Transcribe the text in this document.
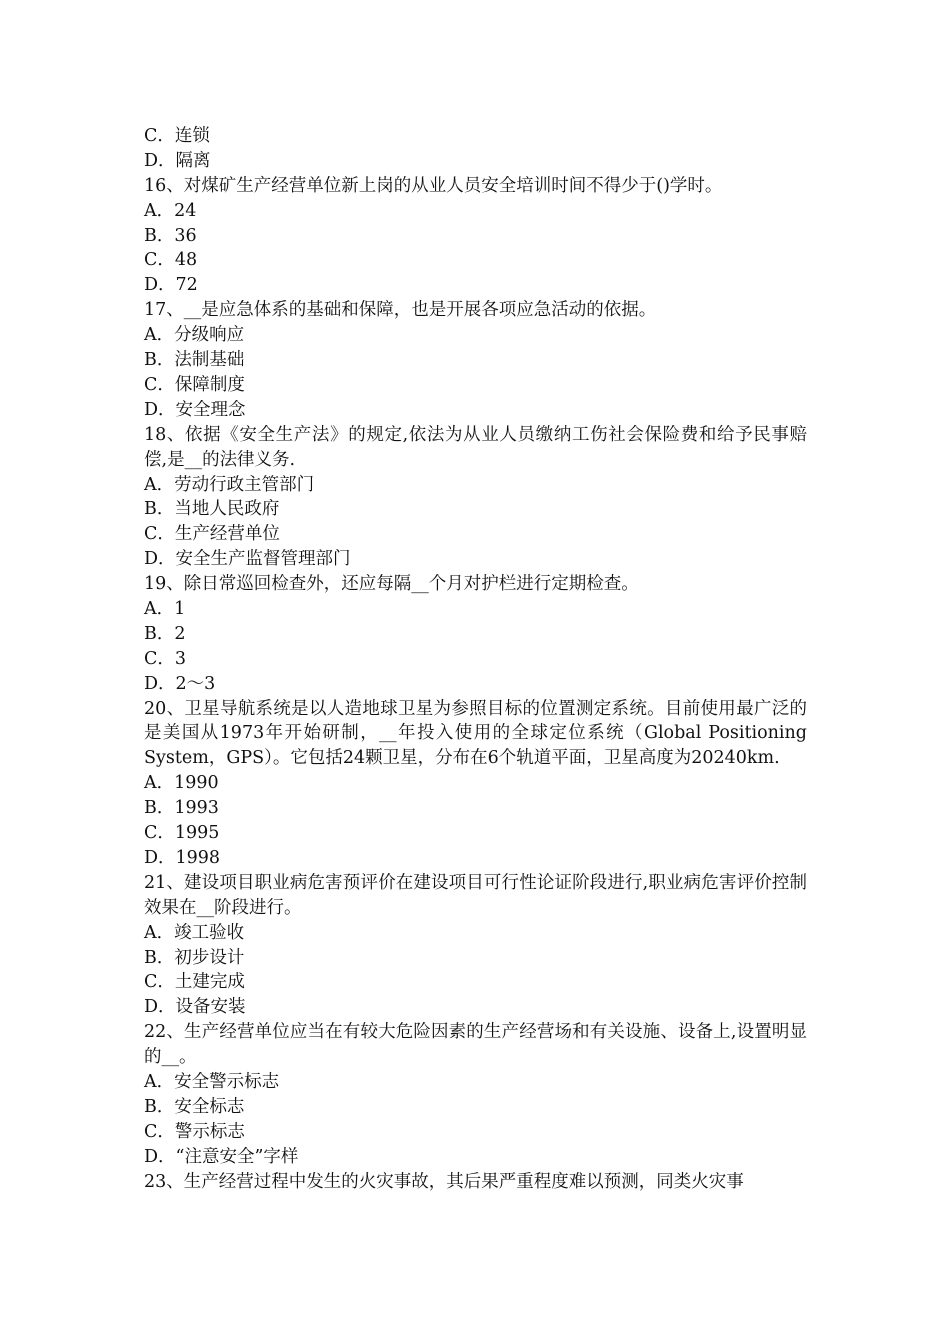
C．连锁
D．隔离
16、对煤矿生产经营单位新上岗的从业人员安全培训时间不得少于()学时。
A．24
B．36
C．48
D．72
17、__是应急体系的基础和保障，也是开展各项应急活动的依据。
A．分级响应
B．法制基础
C．保障制度
D．安全理念
18、依据《安全生产法》的规定,依法为从业人员缴纳工伤社会保险费和给予民事赔偿,是__的法律义务.
A．劳动行政主管部门
B．当地人民政府
C．生产经营单位
D．安全生产监督管理部门
19、除日常巡回检查外，还应每隔__个月对护栏进行定期检查。
A．1
B．2
C．3
D．2～3
20、卫星导航系统是以人造地球卫星为参照目标的位置测定系统。目前使用最广泛的是美国从1973年开始研制，__年投入使用的全球定位系统（Global Positioning System，GPS）。它包括24颗卫星，分布在6个轨道平面，卫星高度为20240km.
A．1990
B．1993
C．1995
D．1998
21、建设项目职业病危害预评价在建设项目可行性论证阶段进行,职业病危害评价控制效果在__阶段进行。
A．竣工验收
B．初步设计
C．土建完成
D．设备安装
22、生产经营单位应当在有较大危险因素的生产经营场和有关设施、设备上,设置明显的__。
A．安全警示标志
B．安全标志
C．警示标志
D．“注意安全”字样
23、生产经营过程中发生的火灾事故，其后果严重程度难以预测，同类火灾事
